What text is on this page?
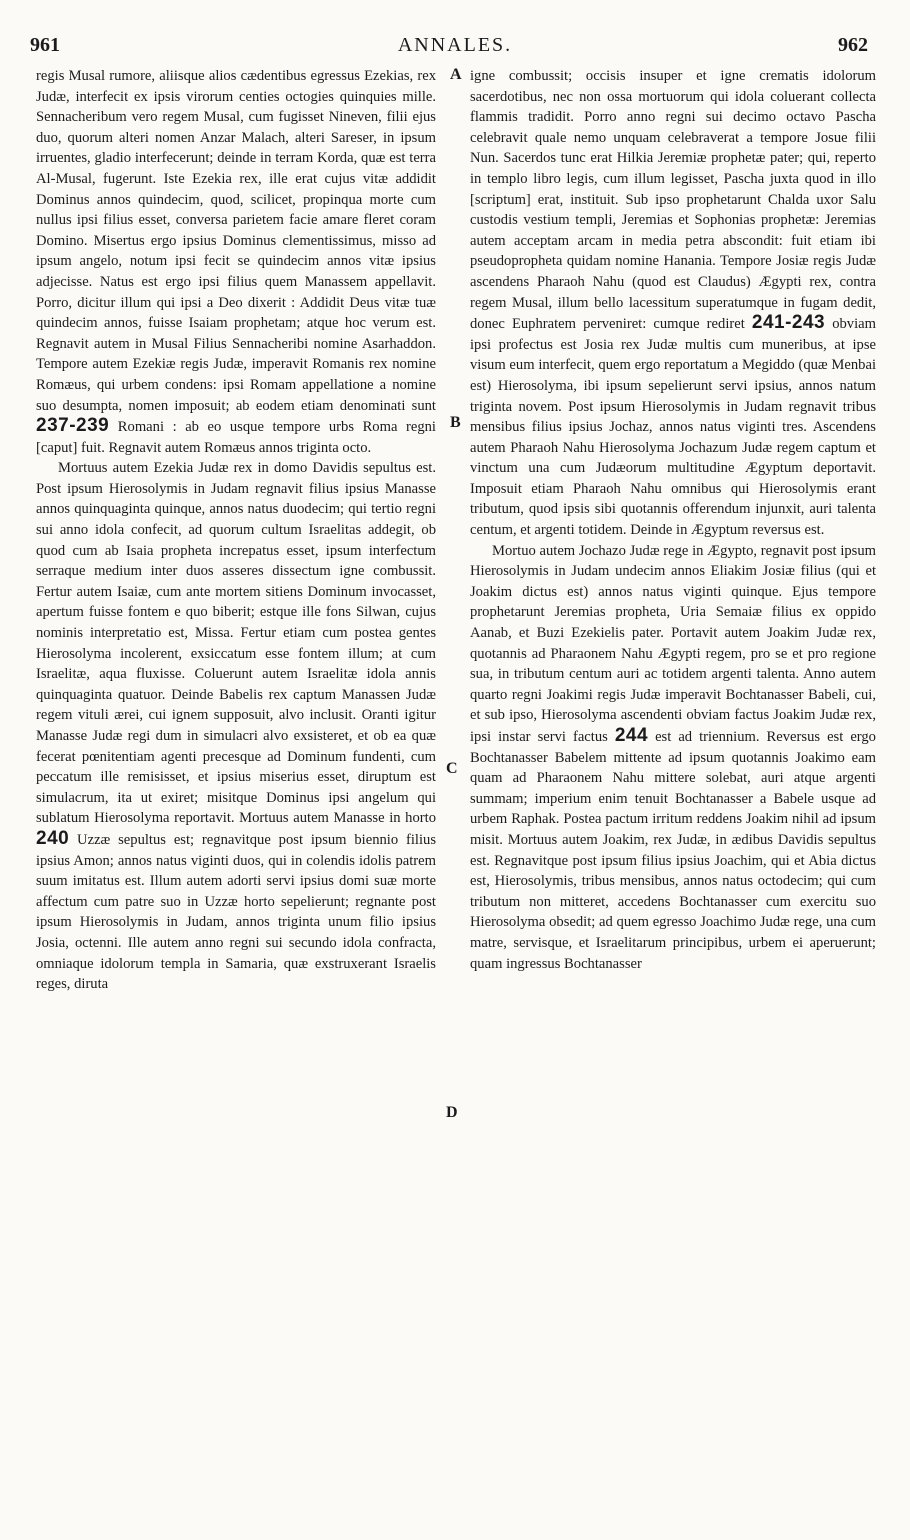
961	ANNALES.	962

regis Musal rumore, aliisque alios cædentibus egressus Ezekias, rex Judæ, interfecit ex ipsis virorum centies octogies quinquies mille. Sennacheribum vero regem Musal, cum fugisset Nineven, filii ejus duo, quorum alteri nomen Anzar Malach, alteri Sareser, in ipsum irruentes, gladio interfecerunt; deinde in terram Korda, quæ est terra Al-Musal, fugerunt. Iste Ezekia rex, ille erat cujus vitæ addidit Dominus annos quindecim, quod, scilicet, propinqua morte cum nullus ipsi filius esset, conversa parietem facie amare fleret coram Domino. Misertus ergo ipsius Dominus clementissimus, misso ad ipsum angelo, notum ipsi fecit se quindecim annos vitæ ipsius adjecisse. Natus est ergo ipsi filius quem Manassem appellavit. Porro, dicitur illum qui ipsi a Deo dixerit : Addidit Deus vitæ tuæ quindecim annos, fuisse Isaiam prophetam; atque hoc verum est. Regnavit autem in Musal Filius Sennacheribi nomine Asarhaddon. Tempore autem Ezekiæ regis Judæ, imperavit Romanis rex nomine Romæus, qui urbem condens: ipsi Romam appellatione a nomine suo desumpta, nomen imposuit; ab eodem etiam denominati sunt 237-239 Romani : ab eo usque tempore urbs Roma regni [caput] fuit. Regnavit autem Romæus annos triginta octo.

Mortuus autem Ezekia Judæ rex in domo Davidis sepultus est. Post ipsum Hierosolymis in Judam regnavit filius ipsius Manasse annos quinquaginta quinque, annos natus duodecim; qui tertio regni sui anno idola confecit, ad quorum cultum Israelitas addegit, ob quod cum ab Isaia propheta increpatus esset, ipsum interfectum serraque medium inter duos asseres dissectum igne combussit. Fertur autem Isaiæ, cum ante mortem sitiens Dominum invocasset, apertum fuisse fontem e quo biberit; estque ille fons Silwan, cujus nominis interpretatio est, Missa. Fertur etiam cum postea gentes Hierosolyma incolerent, exsiccatum esse fontem illum; at cum Israelitæ, aqua fluxisse. Coluerunt autem Israelitæ idola annis quinquaginta quatuor. Deinde Babelis rex captum Manassen Judæ regem vituli ærei, cui ignem supposuit, alvo inclusit. Oranti igitur Manasse Judæ regi dum in simulacri alvo exsisteret, et ob ea quæ fecerat pœnitentiam agenti precesque ad Dominum fundenti, cum peccatum ille remisisset, et ipsius miserius esset, diruptum est simulacrum, ita ut exiret; misitque Dominus ipsi angelum qui sublatum Hierosolyma reportavit. Mortuus autem Manasse in horto 240 Uzzæ sepultus est; regnavitque post ipsum biennio filius ipsius Amon; annos natus viginti duos, qui in colendis idolis patrem suum imitatus est. Illum autem adorti servi ipsius domi suæ morte affectum cum patre suo in Uzzæ horto sepelierunt; regnante post ipsum Hierosolymis in Judam, annos triginta unum filio ipsius Josia, octenni. Ille autem anno regni sui secundo idola confracta, omniaque idolorum templa in Samaria, quæ exstruxerant Israelis reges, diruta

A
B
C
D

igne combussit; occisis insuper et igne crematis idolorum sacerdotibus, nec non ossa mortuorum qui idola coluerant collecta flammis tradidit. Porro anno regni sui decimo octavo Pascha celebravit quale nemo unquam celebraverat a tempore Josue filii Nun. Sacerdos tunc erat Hilkia Jeremiæ prophetæ pater; qui, reperto in templo libro legis, cum illum legisset, Pascha juxta quod in illo [scriptum] erat, instituit. Sub ipso prophetarunt Chalda uxor Salu custodis vestium templi, Jeremias et Sophonias prophetæ: Jeremias autem acceptam arcam in media petra abscondit: fuit etiam ibi pseudopropheta quidam nomine Hanania. Tempore Josiæ regis Judæ ascendens Pharaoh Nahu (quod est Claudus) Ægypti rex, contra regem Musal, illum bello lacessitum superatumque in fugam dedit, donec Euphratem perveniret: cumque rediret 241-243 obviam ipsi profectus est Josia rex Judæ multis cum muneribus, at ipse visum eum interfecit, quem ergo reportatum a Megiddo (quæ Menbai est) Hierosolyma, ibi ipsum sepelierunt servi ipsius, annos natum triginta novem. Post ipsum Hierosolymis in Judam regnavit tribus mensibus filius ipsius Jochaz, annos natus viginti tres. Ascendens autem Pharaoh Nahu Hierosolyma Jochazum Judæ regem captum et vinctum una cum Judæorum multitudine Ægyptum deportavit. Imposuit etiam Pharaoh Nahu omnibus qui Hierosolymis erant tributum, quod ipsis sibi quotannis offerendum injunxit, auri talenta centum, et argenti totidem. Deinde in Ægyptum reversus est.

Mortuo autem Jochazo Judæ rege in Ægypto, regnavit post ipsum Hierosolymis in Judam undecim annos Eliakim Josiæ filius (qui et Joakim dictus est) annos natus viginti quinque. Ejus tempore prophetarunt Jeremias propheta, Uria Semaiæ filius ex oppido Aanab, et Buzi Ezekielis pater. Portavit autem Joakim Judæ rex, quotannis ad Pharaonem Nahu Ægypti regem, pro se et pro regione sua, in tributum centum auri ac totidem argenti talenta. Anno autem quarto regni Joakimi regis Judæ imperavit Bochtanasser Babeli, cui, et sub ipso, Hierosolyma ascendenti obviam factus Joakim Judæ rex, ipsi instar servi factus 244 est ad triennium. Reversus est ergo Bochtanasser Babelem mittente ad ipsum quotannis Joakimo eam quam ad Pharaonem Nahu mittere solebat, auri atque argenti summam; imperium enim tenuit Bochtanasser a Babele usque ad urbem Raphak. Postea pactum irritum reddens Joakim nihil ad ipsum misit. Mortuus autem Joakim, rex Judæ, in ædibus Davidis sepultus est. Regnavitque post ipsum filius ipsius Joachim, qui et Abia dictus est, Hierosolymis, tribus mensibus, annos natus octodecim; qui cum tributum non mitteret, accedens Bochtanasser cum exercitu suo Hierosolyma obsedit; ad quem egresso Joachimo Judæ rege, una cum matre, servisque, et Israelitarum principibus, urbem ei aperuerunt; quam ingressus Bochtanasser
